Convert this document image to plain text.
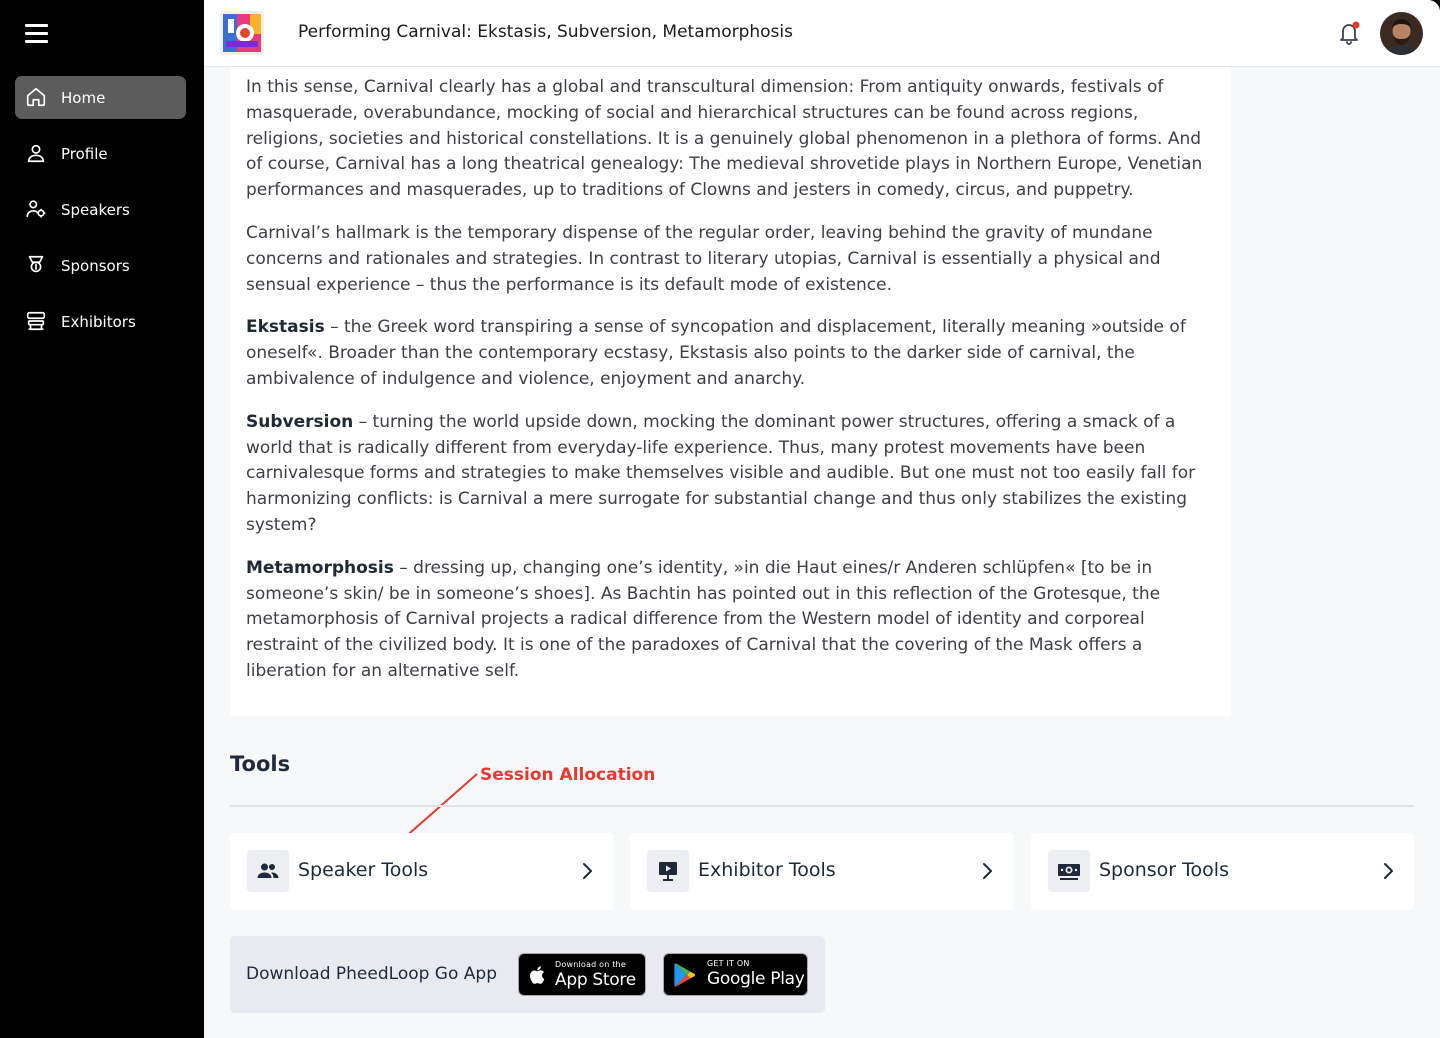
Home
Profile
Speakers
Sponsors
Exhibitors
Performing Carnival: Ekstasis, Subversion, Metamorphosis

In this sense, Carnival clearly has a global and transcultural dimension: From antiquity onwards, festivals of masquerade, overabundance, mocking of social and hierarchical structures can be found across regions, religions, societies and historical constellations. It is a genuinely global phenomenon in a plethora of forms. And of course, Carnival has a long theatrical genealogy: The medieval shrovetide plays in Northern Europe, Venetian performances and masquerades, up to traditions of Clowns and jesters in comedy, circus, and puppetry.

Carnival’s hallmark is the temporary dispense of the regular order, leaving behind the gravity of mundane concerns and rationales and strategies. In contrast to literary utopias, Carnival is essentially a physical and sensual experience – thus the performance is its default mode of existence.

Ekstasis – the Greek word transpiring a sense of syncopation and displacement, literally meaning »outside of oneself«. Broader than the contemporary ecstasy, Ekstasis also points to the darker side of carnival, the ambivalence of indulgence and violence, enjoyment and anarchy.

Subversion – turning the world upside down, mocking the dominant power structures, offering a smack of a world that is radically different from everyday-life experience. Thus, many protest movements have been carnivalesque forms and strategies to make themselves visible and audible. But one must not too easily fall for harmonizing conflicts: is Carnival a mere surrogate for substantial change and thus only stabilizes the existing system?

Metamorphosis – dressing up, changing one’s identity, »in die Haut eines/r Anderen schlüpfen« [to be in someone’s skin/ be in someone’s shoes]. As Bachtin has pointed out in this reflection of the Grotesque, the metamorphosis of Carnival projects a radical difference from the Western model of identity and corporeal restraint of the civilized body. It is one of the paradoxes of Carnival that the covering of the Mask offers a liberation for an alternative self.

Tools	Session Allocation
Speaker Tools	Exhibitor Tools	Sponsor Tools
Download PheedLoop Go App	Download on the
App Store
GET IT ON
Google Play
